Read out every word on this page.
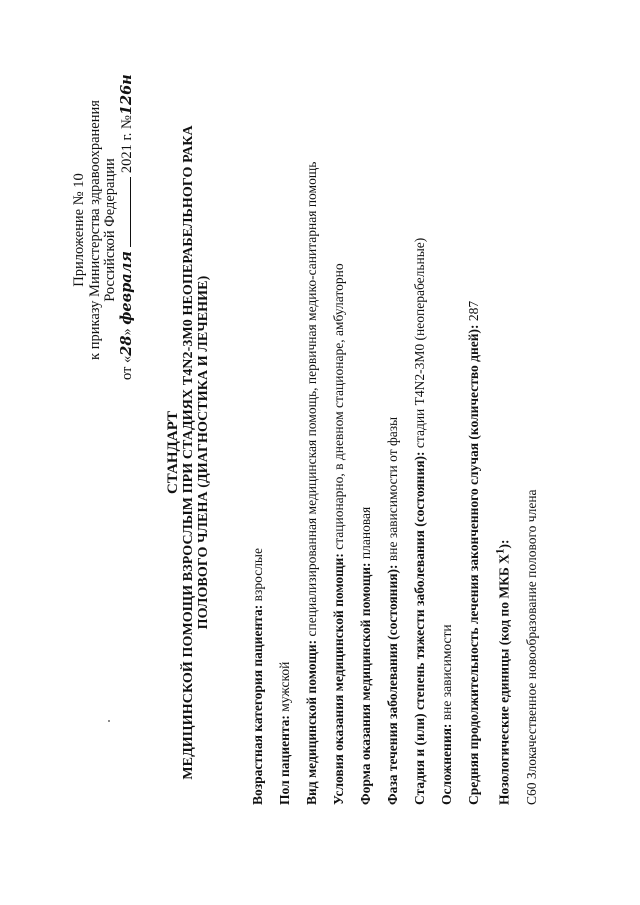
Приложение № 10 к приказу Министерства здравоохранения Российской Федерации
от «28» февраля2021 г. №126н
СТАНДАРТ МЕДИЦИНСКОЙ ПОМОЩИ ВЗРОСЛЫМ ПРИ СТАДИЯХ T4N2-3M0 НЕОПЕРАБЕЛЬНОГО РАКА ПОЛОВОГО ЧЛЕНА (ДИАГНОСТИКА И ЛЕЧЕНИЕ)
Возрастная категория пациента: взрослые
Пол пациента: мужской Вид медицинской помощи: специализированная медицинская помощь, первичная медико-санитарная помощь
Условия оказания медицинской помощи: стационарно, в дневном стационаре, амбулаторно
Форма оказания медицинской помощи: плановая
Фаза течения заболевания (состояния): вне зависимости от фазы Стадия и (или) степень тяжести заболевания (состояния): стадии T4N2-3M0 (неоперабельные)
Осложнения: вне зависимости Средняя продолжительность лечения законченного случая (количество дней): 287
Нозологические единицы (код по МКБ $X^1$): C60 Злокачественное новообразование полового члена
